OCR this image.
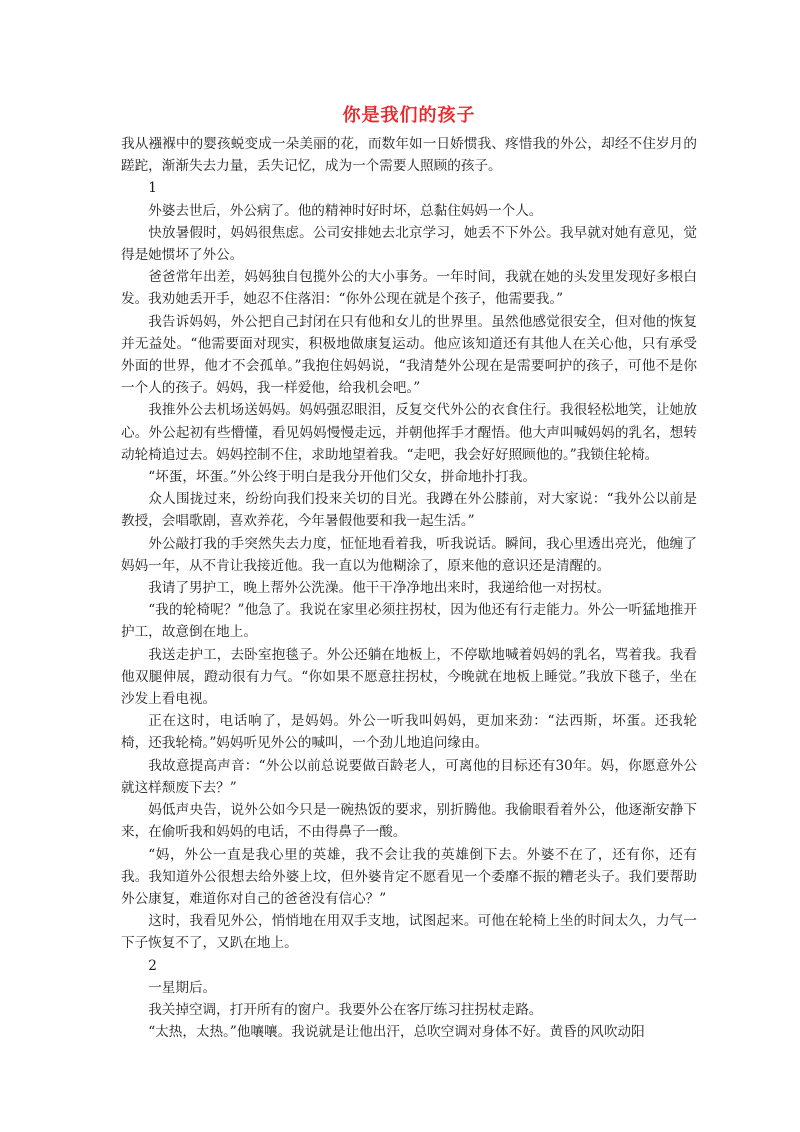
你是我们的孩子

我从襁褓中的婴孩蜕变成一朵美丽的花，而数年如一日娇惯我、疼惜我的外公，却经不住岁月的蹉跎，渐渐失去力量，丢失记忆，成为一个需要人照顾的孩子。

1

外婆去世后，外公病了。他的精神时好时坏，总黏住妈妈一个人。

快放暑假时，妈妈很焦虑。公司安排她去北京学习，她丢不下外公。我早就对她有意见，觉得是她惯坏了外公。

爸爸常年出差，妈妈独自包揽外公的大小事务。一年时间，我就在她的头发里发现好多根白发。我劝她丢开手，她忍不住落泪：“你外公现在就是个孩子，他需要我。”

我告诉妈妈，外公把自己封闭在只有他和女儿的世界里。虽然他感觉很安全，但对他的恢复并无益处。“他需要面对现实，积极地做康复运动。他应该知道还有其他人在关心他，只有承受外面的世界，他才不会孤单。”我抱住妈妈说，“我清楚外公现在是需要呵护的孩子，可他不是你一个人的孩子。妈妈，我一样爱他，给我机会吧。”

我推外公去机场送妈妈。妈妈强忍眼泪，反复交代外公的衣食住行。我很轻松地笑，让她放心。外公起初有些懵懂，看见妈妈慢慢走远，并朝他挥手才醒悟。他大声叫喊妈妈的乳名，想转动轮椅追过去。妈妈控制不住，求助地望着我。“走吧，我会好好照顾他的。”我锁住轮椅。

“坏蛋，坏蛋。”外公终于明白是我分开他们父女，拼命地扑打我。

众人围拢过来，纷纷向我们投来关切的目光。我蹲在外公膝前，对大家说：“我外公以前是教授，会唱歌剧，喜欢养花，今年暑假他要和我一起生活。”

外公敲打我的手突然失去力度，怔怔地看着我，听我说话。瞬间，我心里透出亮光，他缠了妈妈一年，从不肯让我接近他。我一直以为他糊涂了，原来他的意识还是清醒的。

我请了男护工，晚上帮外公洗澡。他干干净净地出来时，我递给他一对拐杖。

“我的轮椅呢？”他急了。我说在家里必须拄拐杖，因为他还有行走能力。外公一听猛地推开护工，故意倒在地上。

我送走护工，去卧室抱毯子。外公还躺在地板上，不停歇地喊着妈妈的乳名，骂着我。我看他双腿伸展，蹬动很有力气。“你如果不愿意拄拐杖，今晚就在地板上睡觉。”我放下毯子，坐在沙发上看电视。

正在这时，电话响了，是妈妈。外公一听我叫妈妈，更加来劲：“法西斯，坏蛋。还我轮椅，还我轮椅。”妈妈听见外公的喊叫，一个劲儿地追问缘由。

我故意提高声音：“外公以前总说要做百龄老人，可离他的目标还有30年。妈，你愿意外公就这样颓废下去？”

妈低声央告，说外公如今只是一碗热饭的要求，别折腾他。我偷眼看着外公，他逐渐安静下来，在偷听我和妈妈的电话，不由得鼻子一酸。

“妈，外公一直是我心里的英雄，我不会让我的英雄倒下去。外婆不在了，还有你，还有我。我知道外公很想去给外婆上坟，但外婆肯定不愿看见一个委靡不振的糟老头子。我们要帮助外公康复，难道你对自己的爸爸没有信心？”

这时，我看见外公，悄悄地在用双手支地，试图起来。可他在轮椅上坐的时间太久，力气一下子恢复不了，又趴在地上。

2

一星期后。

我关掉空调，打开所有的窗户。我要外公在客厅练习拄拐杖走路。

“太热，太热。”他嚷嚷。我说就是让他出汗，总吹空调对身体不好。黄昏的风吹动阳
